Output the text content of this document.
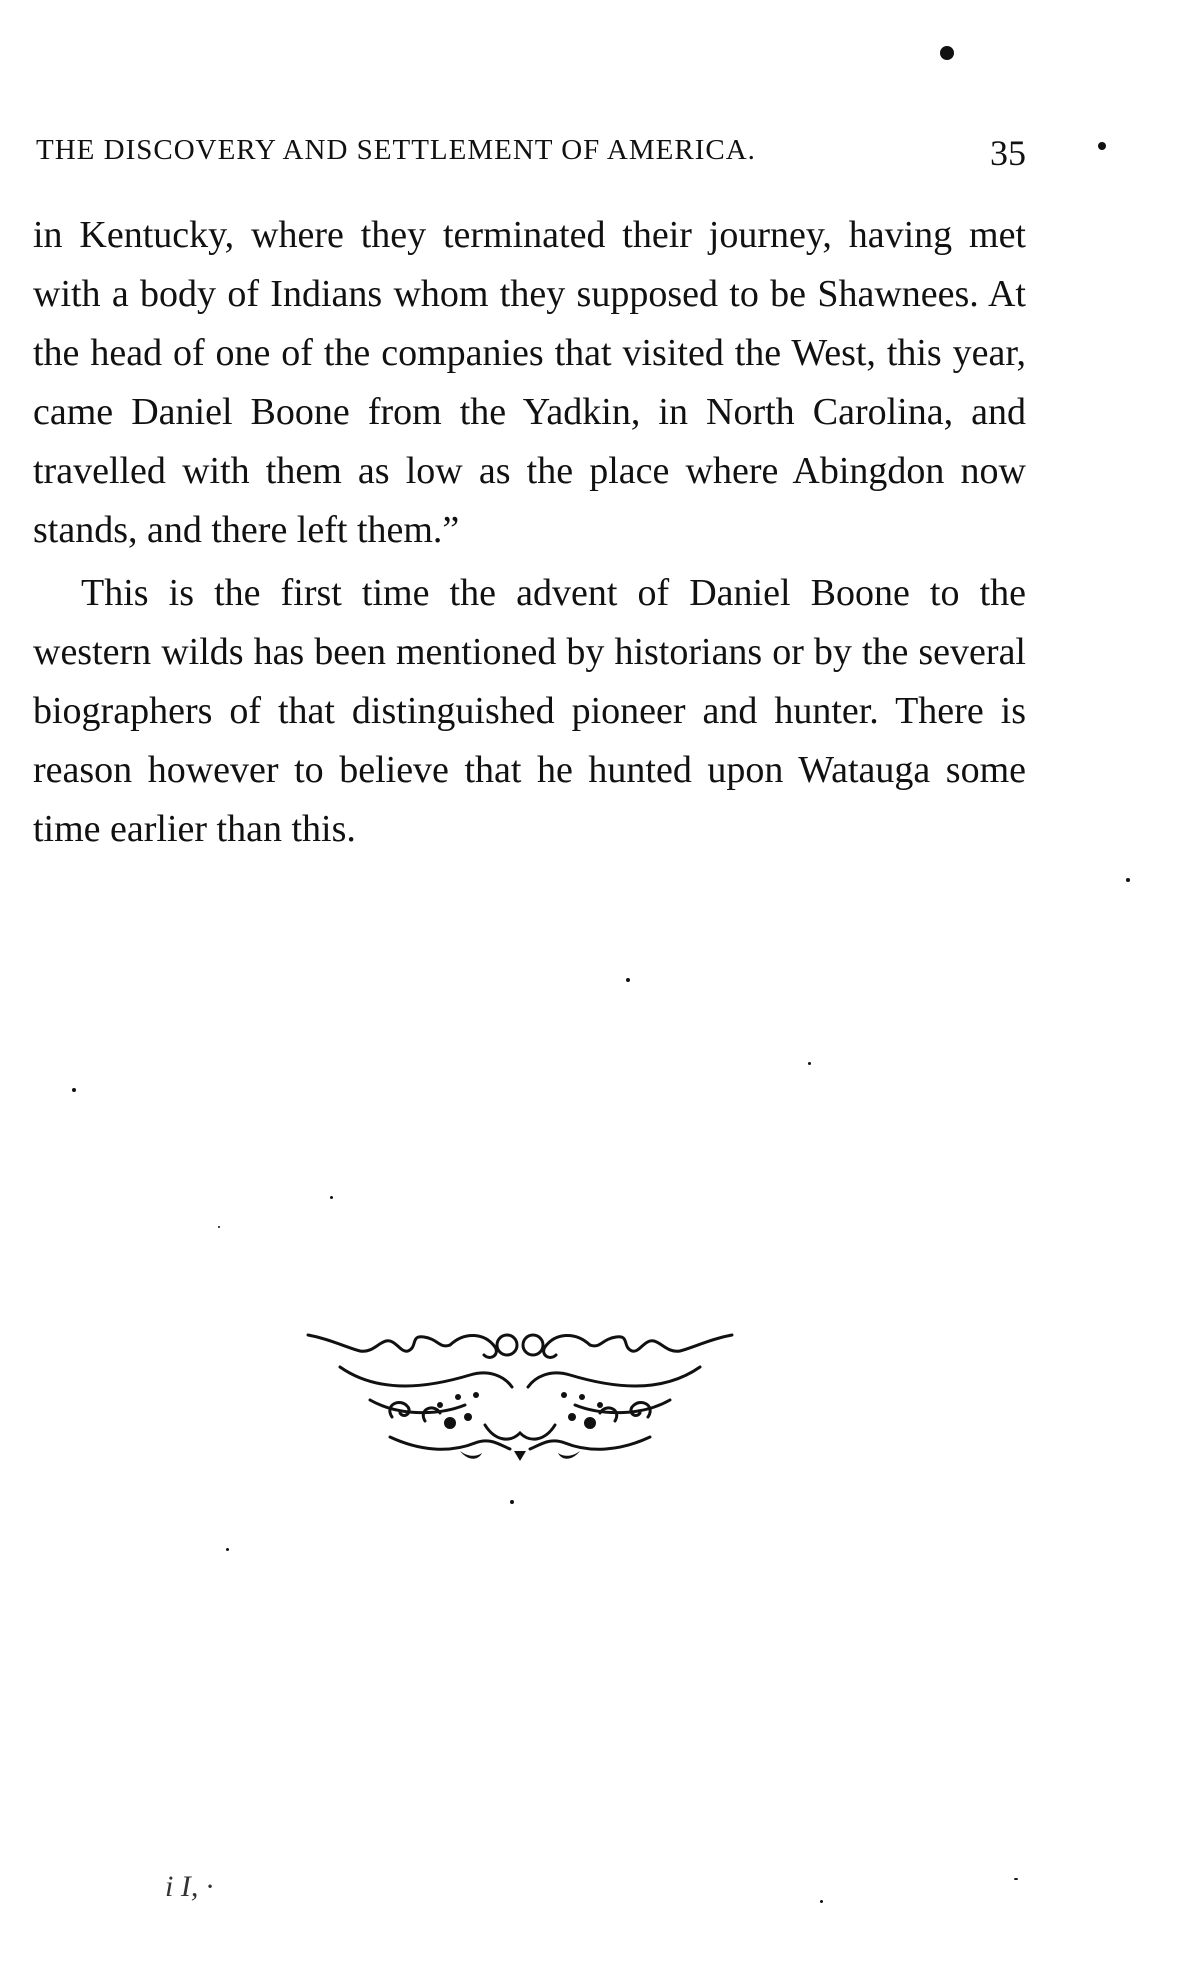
THE DISCOVERY AND SETTLEMENT OF AMERICA.	35

in Kentucky, where they terminated their journey, having met with a body of Indians whom they supposed to be Shawnees. At the head of one of the companies that visited the West, this year, came Daniel Boone from the Yadkin, in North Carolina, and travelled with them as low as the place where Abingdon now stands, and there left them.”

This is the first time the advent of Daniel Boone to the western wilds has been mentioned by historians or by the several biographers of that distinguished pioneer and hunter. There is reason however to believe that he hunted upon Wataugа some time earlier than this.

i I, ·
